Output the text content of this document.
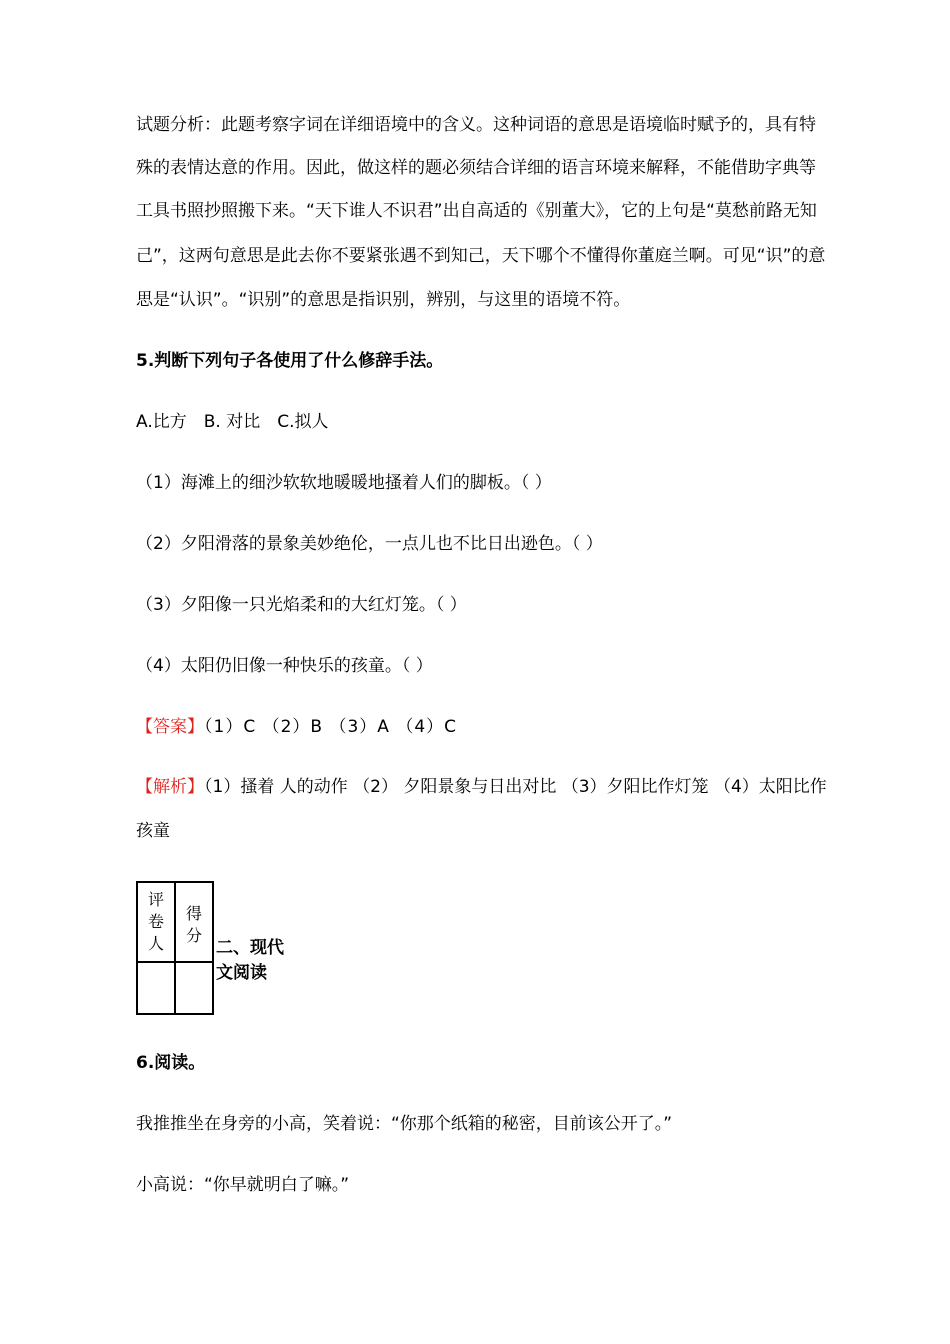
试题分析：此题考察字词在详细语境中的含义。这种词语的意思是语境临时赋予的，具有特
殊的表情达意的作用。因此，做这样的题必须结合详细的语言环境来解释，不能借助字典等
工具书照抄照搬下来。“天下谁人不识君”出自高适的《别董大》，它的上句是“莫愁前路无知
己”，这两句意思是此去你不要紧张遇不到知己，天下哪个不懂得你董庭兰啊。可见“识”的意
思是“认识”。“识别”的意思是指识别，辨别，与这里的语境不符。
5.判断下列句子各使用了什么修辞手法。
A.比方　B. 对比　C.拟人
（1）海滩上的细沙软软地暖暖地搔着人们的脚板。（ ）
（2）夕阳滑落的景象美妙绝伦，一点儿也不比日出逊色。（ ）
（3）夕阳像一只光焰柔和的大红灯笼。（ ）
（4）太阳仍旧像一种快乐的孩童。（ ）
【答案】（1）C （2）B （3）A （4）C
【解析】（1）搔着 人的动作 （2） 夕阳景象与日出对比 （3）夕阳比作灯笼 （4）太阳比作
孩童
评卷人	得分

二、现代文阅读
6.阅读。
我推推坐在身旁的小高，笑着说：“你那个纸箱的秘密，目前该公开了。”
小高说：“你早就明白了嘛。”
